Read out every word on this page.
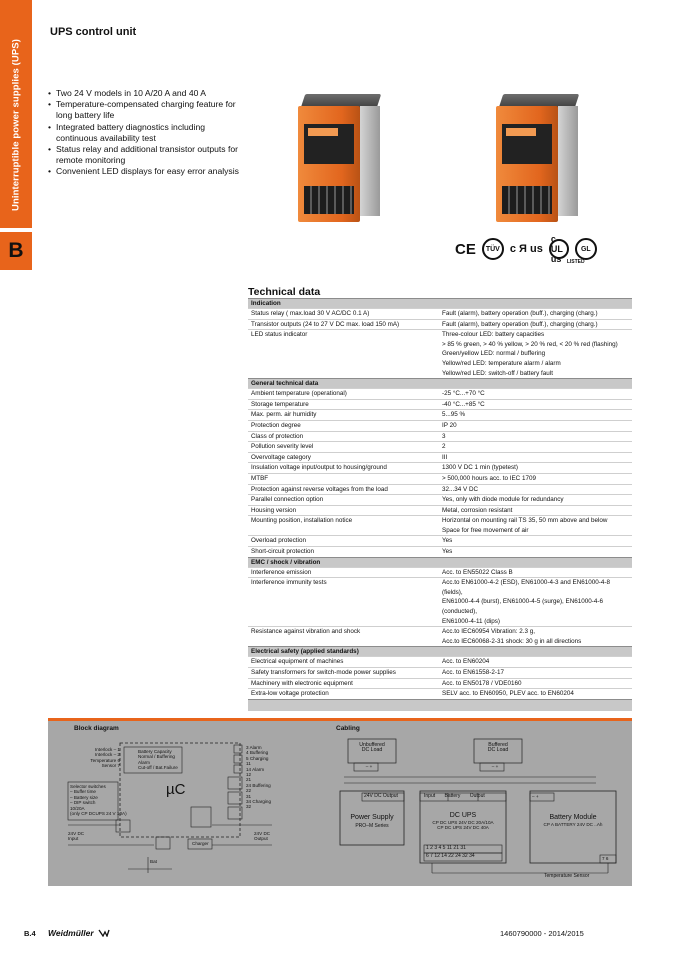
Uninterruptible power supplies (UPS)
B
UPS control unit
• Two 24 V models in 10 A/20 A and 40 A
• Temperature-compensated charging feature for long battery life
• Integrated battery diagnostics including continuous availability test
• Status relay and additional transistor outputs for remote monitoring
• Convenient LED displays for easy error analysis
CE	TÜV c Я us
c UL us	LISTED
GL
Technical data
Indication
Status relay ( max.load 30 V AC/DC 0.1 A)	Fault (alarm), battery operation (buff.), charging (charg.)
Transistor outputs (24 to 27 V DC max. load 150 mA)	Fault (alarm), battery operation (buff.), charging (charg.)
LED status indicator	Three-colour LED: battery capacities
> 85 % green, > 40 % yellow, > 20 % red, < 20 % red (flashing)
Green/yellow LED: normal / buffering
Yellow/red LED: temperature alarm / alarm
Yellow/red LED: switch-off / battery fault
General technical data
Ambient temperature (operational)	-25 °C...+70 °C
Storage temperature	-40 °C...+85 °C
Max. perm. air humidity	5...95 %
Protection degree	IP 20
Class of protection	3
Pollution severity level	2
Overvoltage category	III
Insulation voltage input/output to housing/ground	1300 V DC 1 min (typetest)
MTBF	> 500,000 hours acc. to IEC 1709
Protection against reverse voltages from the load	32...34 V DC
Parallel connection option	Yes, only with diode module for redundancy
Housing version	Metal, corrosion resistant
Mounting position, installation notice	Horizontal on mounting rail TS 35, 50 mm above and below
Space for free movement of air
Overload protection	Yes
Short-circuit protection	Yes
EMC / shock / vibration
Interference emission	Acc. to EN55022 Class B
Interference immunity tests	Acc.to EN61000-4-2 (ESD), EN61000-4-3 and EN61000-4-8 (fields),
EN61000-4-4 (burst), EN61000-4-5 (surge), EN61000-4-6 (conducted),
EN61000-4-11 (dips)
Resistance against vibration and shock	Acc.to IEC60954 Vibration: 2.3 g,
Acc.to IEC60068-2-31 shock: 30 g in all directions
Electrical safety (applied standards)
Electrical equipment of machines	Acc. to EN60204
Safety transformers for switch-mode power supplies	Acc. to EN61558-2-17
Machinery with electronic equipment	Acc. to EN50178 / VDE0160
Extra-low voltage protection	SELV acc. to EN60950, PLEV acc. to EN60204
Block diagram	Cabling
Interlock – 1
Interlock – 2
Temperature 6
Sensor 7
Battery Capacity
Normal / Buffering
Alarm
Cut-off / Bat.Failure
Selector switches
– Buffer time
– Battery size
– DIP switch
10/20A
(only CP DCUPS 24 V 10A)
µC
3 Alarm
4 Buffering
5 Charging
11
14 Alarm
12
21
24 Buffering
22
31
34 Charging
32
24V DC
Input
24V DC
Output
Charger
Bat
Unbuffered
DC Load
Buffered
DC Load
– +	– +
24V DC Output
Power Supply
PRO–M Series
Input Battery Output
DC UPS
CP DC UPS 24V DC 20A/10A
CP DC UPS 24V DC 40A
1 2 3 4 5 11 21 31
6 7 12 14 22 24 32 34
– +
Battery Module
CP A BATTERY 24V DC ..Ah
7 6
Temperature Sensor
B.4 Weidmüller	1460790000 - 2014/2015
